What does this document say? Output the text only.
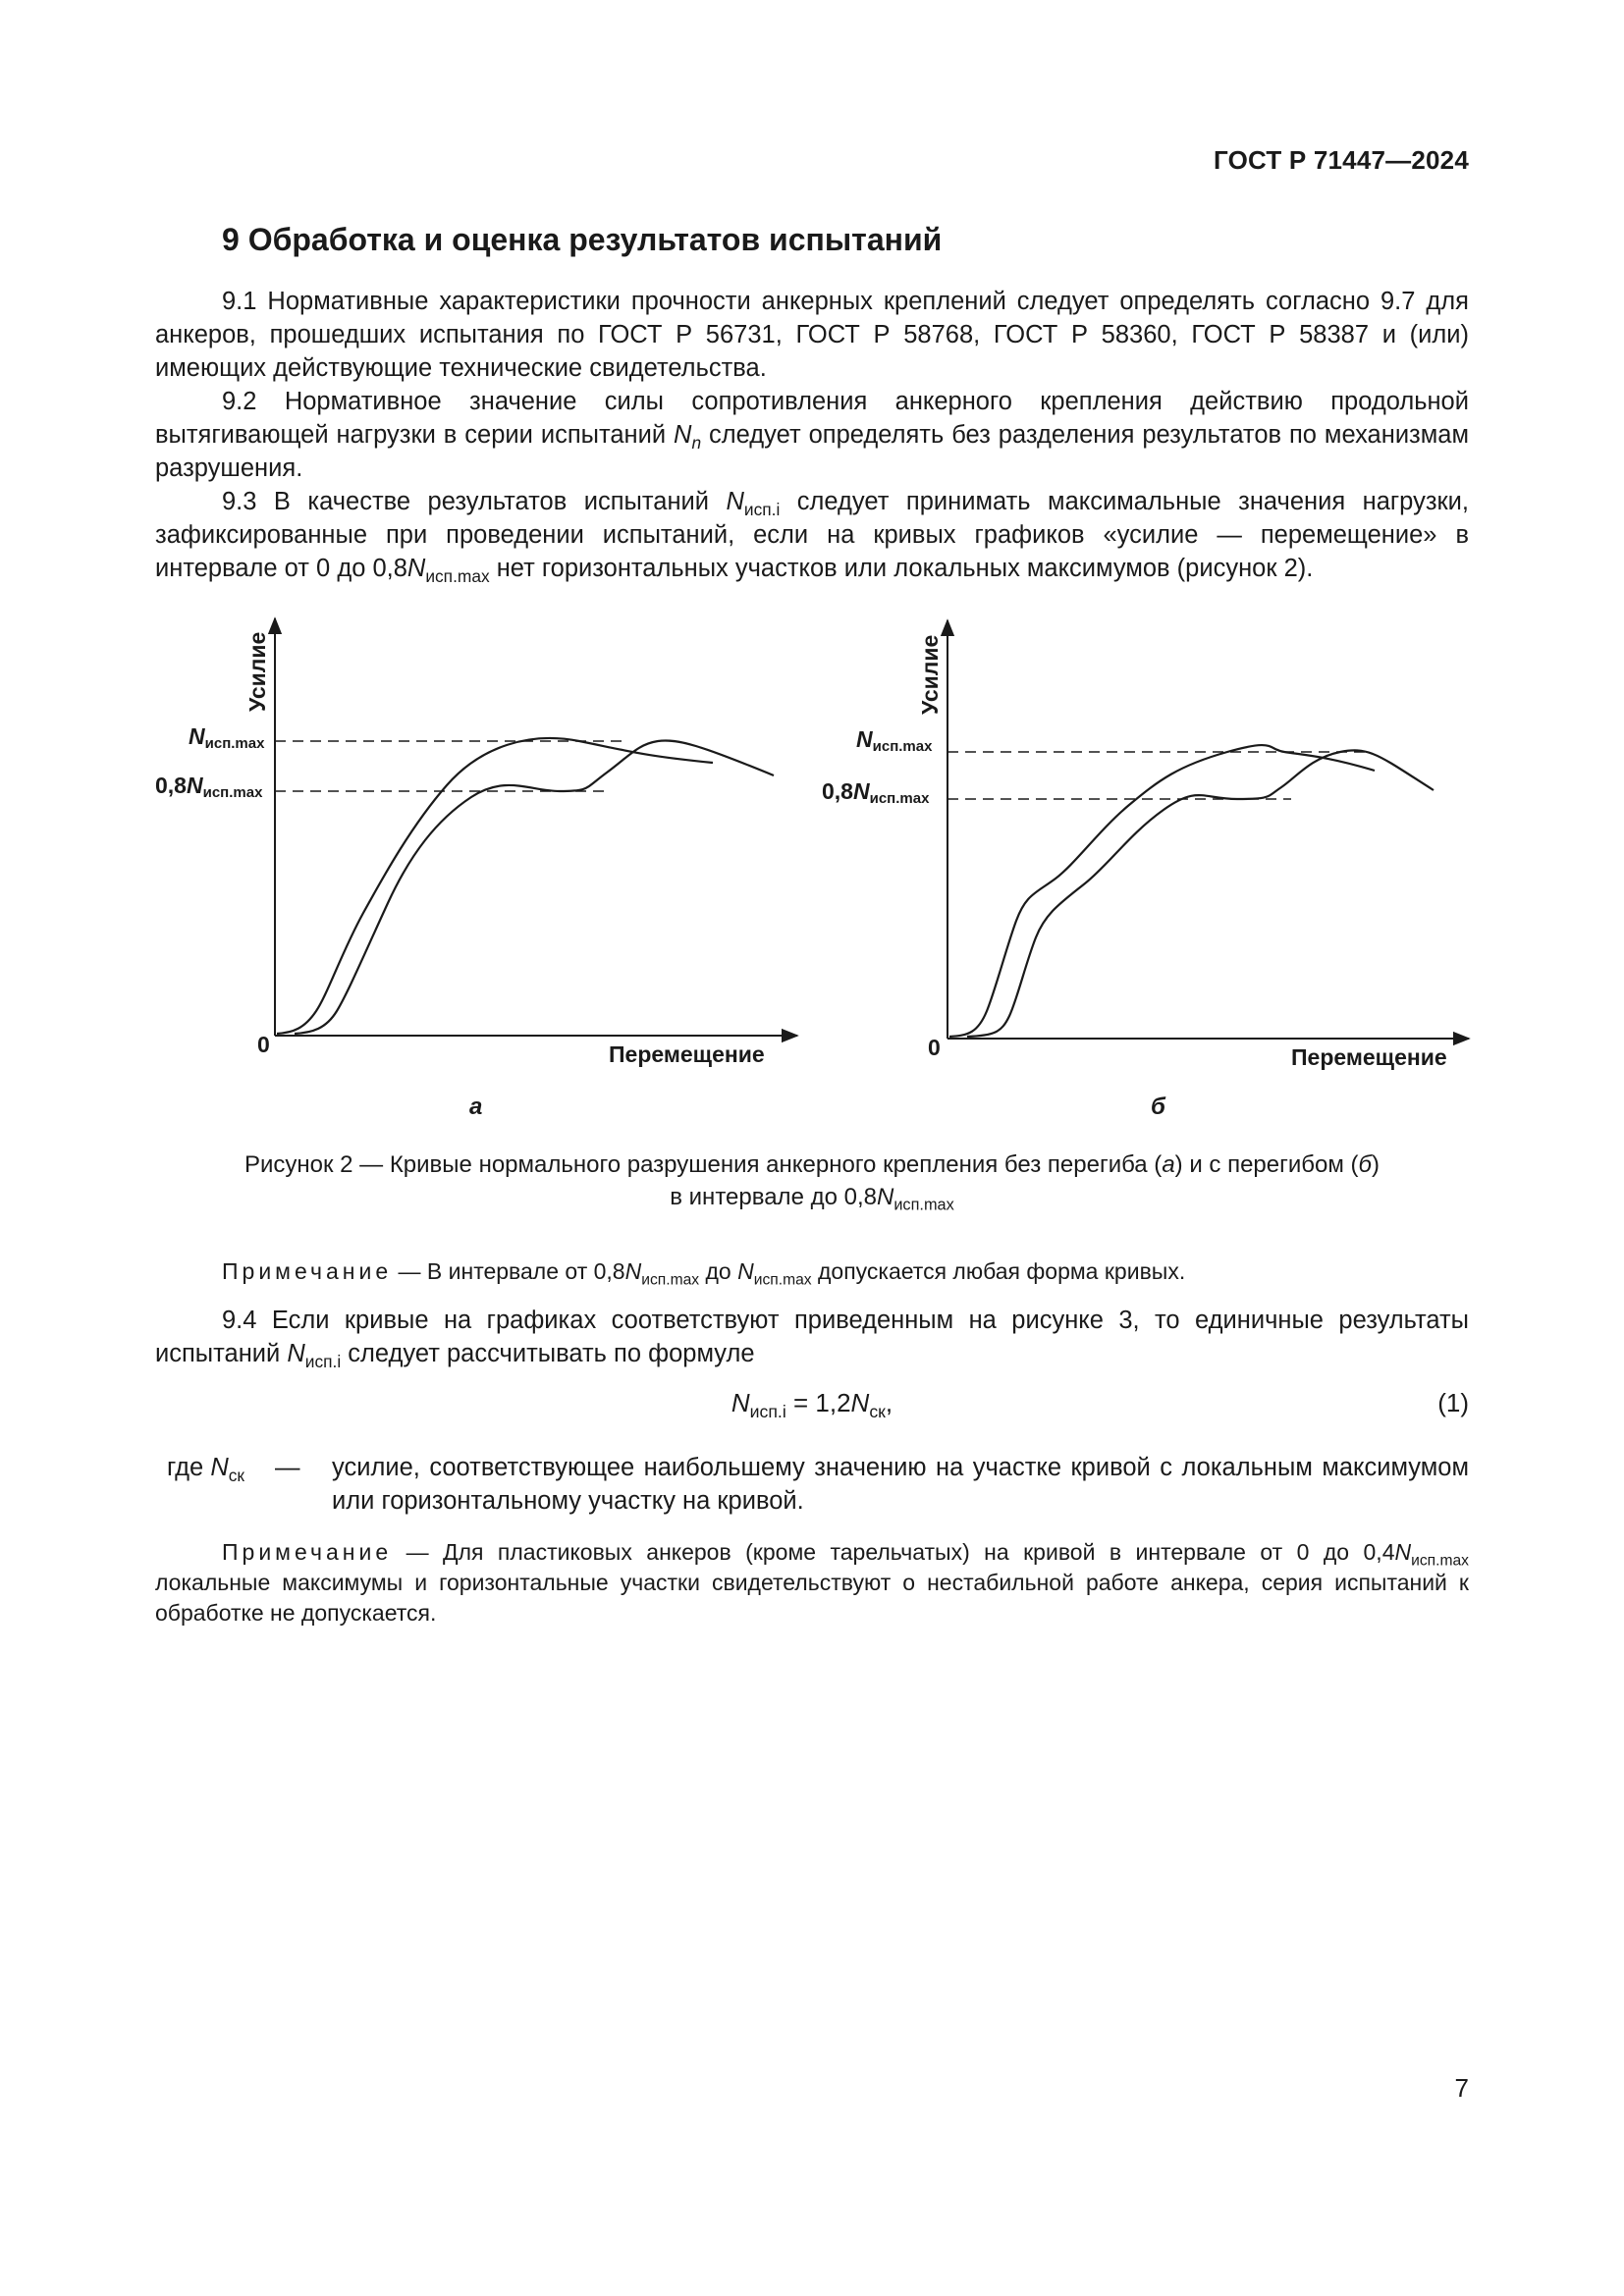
ГОСТ Р 71447—2024
9 Обработка и оценка результатов испытаний

9.1 Нормативные характеристики прочности анкерных креплений следует определять согласно 9.7 для анкеров, прошедших испытания по ГОСТ Р 56731, ГОСТ Р 58768, ГОСТ Р 58360, ГОСТ Р 58387 и (или) имеющих действующие технические свидетельства.

9.2 Нормативное значение силы сопротивления анкерного крепления действию продольной вытягивающей нагрузки в серии испытаний $N_n$ следует определять без разделения результатов по механизмам разрушения.

9.3 В качестве результатов испытаний $N_{исп.i}$ следует принимать максимальные значения нагрузки, зафиксированные при проведении испытаний, если на кривых графиков «усилие — перемещение» в интервале от 0 до $0,8N_{исп.max}$ нет горизонтальных участков или локальных максимумов (рисунок 2).

Усилие
Перемещение
0
Nисп.max
0,8Nисп.max
а
Усилие
Перемещение
0
Nисп.max
0,8Nисп.max
б
Рисунок 2 — Кривые нормального разрушения анкерного крепления без перегиба (а) и с перегибом (б)
в интервале до $0,8N_{исп.max}$
Примечание — В интервале от $0,8N_{исп.max}$ до $N_{исп.max}$ допускается любая форма кривых.

9.4 Если кривые на графиках соответствуют приведенным на рисунке 3, то единичные результаты испытаний $N_{исп.i}$ следует рассчитывать по формуле

$N_{исп.i} = 1,2N_{ск}$,	(1)
где $N_{ск}$ — усилие, соответствующее наибольшему значению на участке кривой с локальным максимумом или горизонтальному участку на кривой.
Примечание — Для пластиковых анкеров (кроме тарельчатых) на кривой в интервале от 0 до $0,4N_{исп.max}$ локальные максимумы и горизонтальные участки свидетельствуют о нестабильной работе анкера, серия испытаний к обработке не допускается.
7
